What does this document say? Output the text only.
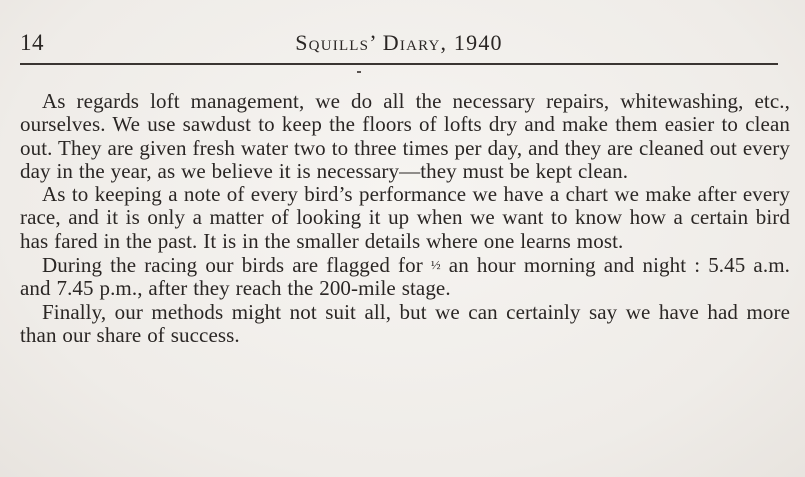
14	Squills’ Diary, 1940

As regards loft management, we do all the necessary repairs, whitewashing, etc., ourselves. We use sawdust to keep the floors of lofts dry and make them easier to clean out. They are given fresh water two to three times per day, and they are cleaned out every day in the year, as we believe it is necessary—they must be kept clean.

As to keeping a note of every bird’s performance we have a chart we make after every race, and it is only a matter of looking it up when we want to know how a certain bird has fared in the past. It is in the smaller details where one learns most.

During the racing our birds are flagged for ½ an hour morning and night : 5.45 a.m. and 7.45 p.m., after they reach the 200-mile stage.

Finally, our methods might not suit all, but we can certainly say we have had more than our share of success.
